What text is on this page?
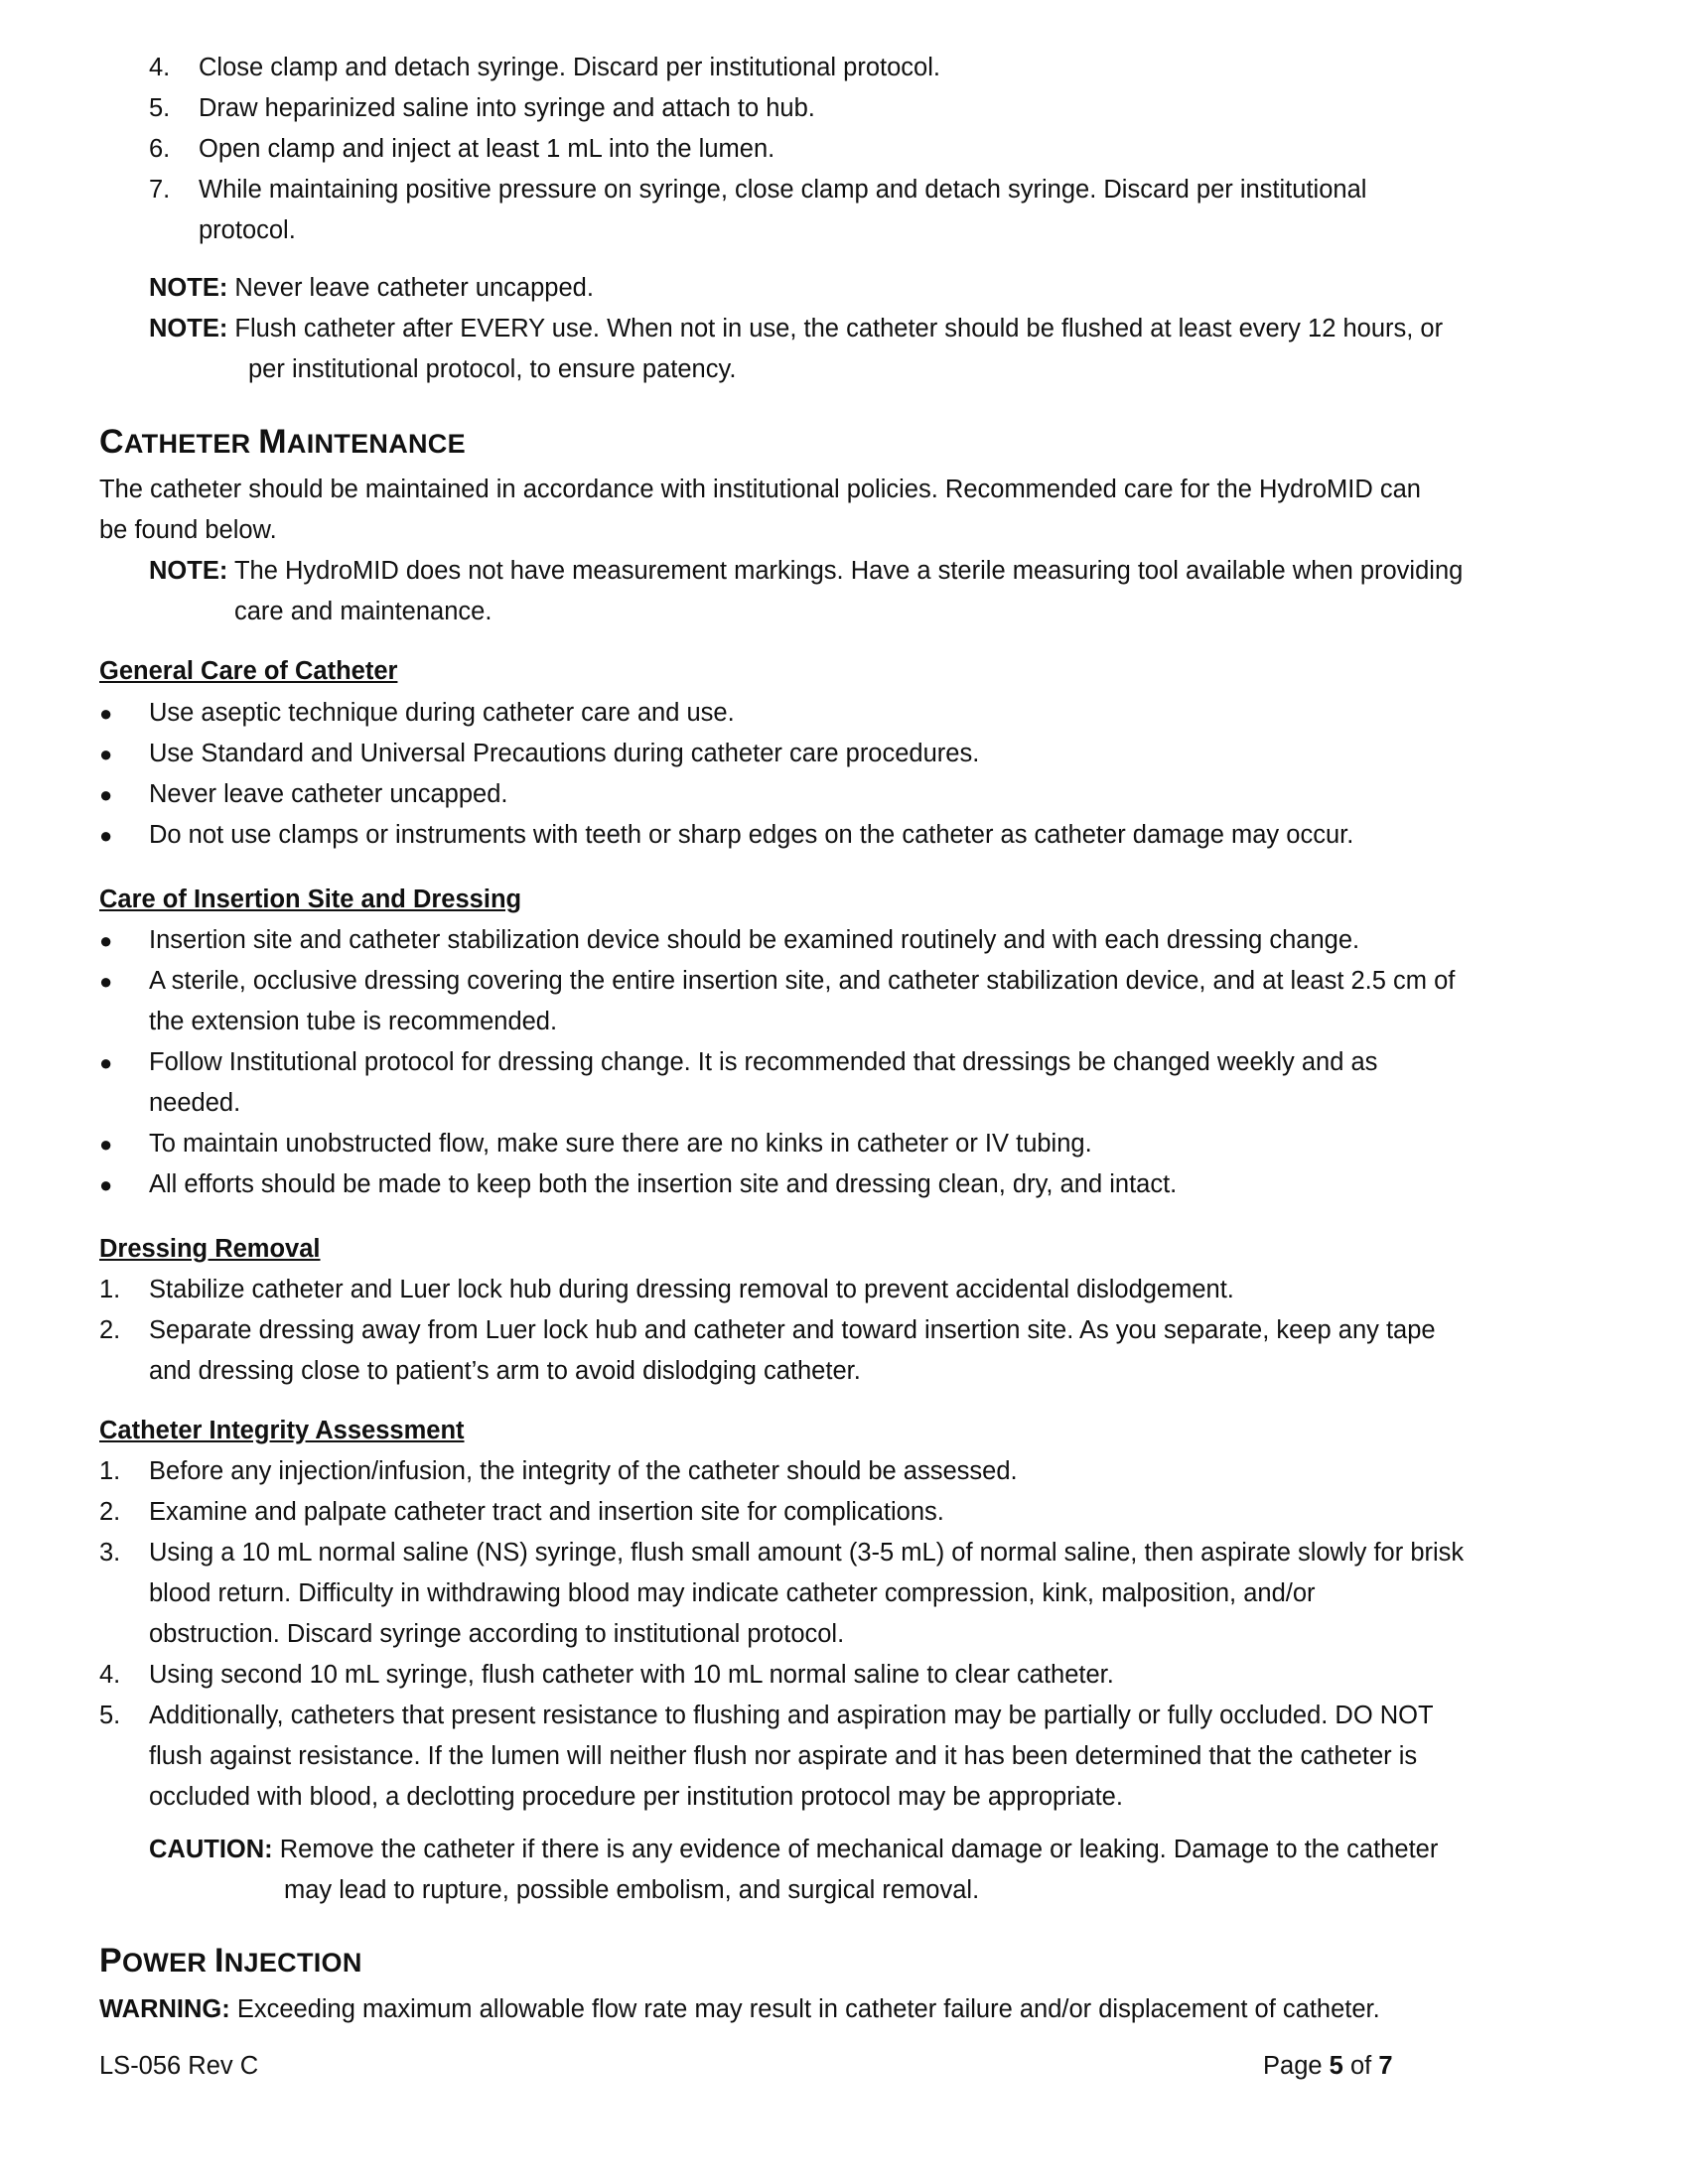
4. Close clamp and detach syringe. Discard per institutional protocol.
5. Draw heparinized saline into syringe and attach to hub.
6. Open clamp and inject at least 1 mL into the lumen.
7. While maintaining positive pressure on syringe, close clamp and detach syringe. Discard per institutional
protocol.
NOTE: Never leave catheter uncapped.
NOTE: Flush catheter after EVERY use. When not in use, the catheter should be flushed at least every 12 hours, or
per institutional protocol, to ensure patency.
CATHETER MAINTENANCE
The catheter should be maintained in accordance with institutional policies. Recommended care for the HydroMID can
be found below.
NOTE: The HydroMID does not have measurement markings. Have a sterile measuring tool available when providing
care and maintenance.
General Care of Catheter
● Use aseptic technique during catheter care and use.
● Use Standard and Universal Precautions during catheter care procedures.
● Never leave catheter uncapped.
● Do not use clamps or instruments with teeth or sharp edges on the catheter as catheter damage may occur.
Care of Insertion Site and Dressing
● Insertion site and catheter stabilization device should be examined routinely and with each dressing change.
● A sterile, occlusive dressing covering the entire insertion site, and catheter stabilization device, and at least 2.5 cm of
the extension tube is recommended.
● Follow Institutional protocol for dressing change. It is recommended that dressings be changed weekly and as
needed.
● To maintain unobstructed flow, make sure there are no kinks in catheter or IV tubing.
● All efforts should be made to keep both the insertion site and dressing clean, dry, and intact.
Dressing Removal
1. Stabilize catheter and Luer lock hub during dressing removal to prevent accidental dislodgement.
2. Separate dressing away from Luer lock hub and catheter and toward insertion site. As you separate, keep any tape
and dressing close to patient’s arm to avoid dislodging catheter.
Catheter Integrity Assessment
1. Before any injection/infusion, the integrity of the catheter should be assessed.
2. Examine and palpate catheter tract and insertion site for complications.
3. Using a 10 mL normal saline (NS) syringe, flush small amount (3-5 mL) of normal saline, then aspirate slowly for brisk
blood return. Difficulty in withdrawing blood may indicate catheter compression, kink, malposition, and/or
obstruction. Discard syringe according to institutional protocol.
4. Using second 10 mL syringe, flush catheter with 10 mL normal saline to clear catheter.
5. Additionally, catheters that present resistance to flushing and aspiration may be partially or fully occluded. DO NOT
flush against resistance. If the lumen will neither flush nor aspirate and it has been determined that the catheter is
occluded with blood, a declotting procedure per institution protocol may be appropriate.
CAUTION: Remove the catheter if there is any evidence of mechanical damage or leaking. Damage to the catheter
may lead to rupture, possible embolism, and surgical removal.
POWER INJECTION
WARNING: Exceeding maximum allowable flow rate may result in catheter failure and/or displacement of catheter.
LS-056 Rev C	Page 5 of 7
